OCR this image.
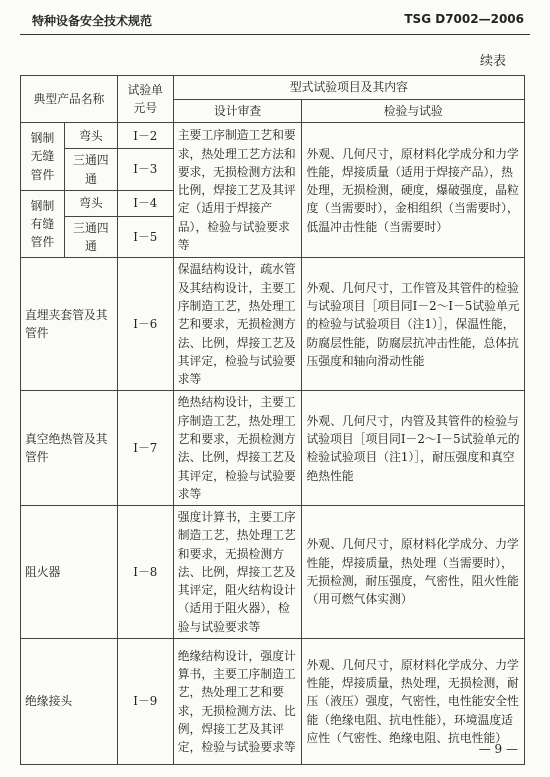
特种设备安全技术规范	TSG D7002—2006
续表
典型产品名称		试验单元号	型式试验项目及其内容	
			设计审查	检验与试验
钢制无缝管件	弯头	I－2	主要工序制造工艺和要求，热处理工艺方法和要求，无损检测方法和比例，焊接工艺及其评定（适用于焊接产品），检验与试验要求等	外观、几何尺寸，原材料化学成分和力学性能，焊接质量（适用于焊接产品），热处理，无损检测，硬度，爆破强度，晶粒度（当需要时），金相组织（当需要时），低温冲击性能（当需要时）
	三通四通	I－3		
钢制有缝管件	弯头	I－4		
	三通四通	I－5		
直埋夹套管及其管件		I－6	保温结构设计，疏水管及其结构设计，主要工序制造工艺，热处理工艺和要求，无损检测方法、比例，焊接工艺及其评定，检验与试验要求等	外观、几何尺寸，工作管及其管件的检验与试验项目［项目同I－2～I－5试验单元的检验与试验项目（注1）］，保温性能，防腐层性能，防腐层抗冲击性能，总体抗压强度和轴向滑动性能
真空绝热管及其管件		I－7	绝热结构设计，主要工序制造工艺，热处理工艺和要求，无损检测方法、比例，焊接工艺及其评定，检验与试验要求等	外观、几何尺寸，内管及其管件的检验与试验项目［项目同I－2～I－5试验单元的检验试验项目（注1）］，耐压强度和真空绝热性能
阻火器		I－8	强度计算书，主要工序制造工艺，热处理工艺和要求，无损检测方法、比例，焊接工艺及其评定，阻火结构设计（适用于阻火器），检验与试验要求等	外观、几何尺寸，原材料化学成分、力学性能，焊接质量，热处理（当需要时），无损检测，耐压强度，气密性，阻火性能（用可燃气体实测）
绝缘接头		I－9	绝缘结构设计，强度计算书，主要工序制造工艺，热处理工艺和要求，无损检测方法、比例，焊接工艺及其评定，检验与试验要求等	外观、几何尺寸，原材料化学成分、力学性能，焊接质量，热处理，无损检测，耐压（液压）强度，气密性，电性能安全性能（绝缘电阻、抗电性能），环境温度适应性（气密性、绝缘电阻、抗电性能）
— 9 —
